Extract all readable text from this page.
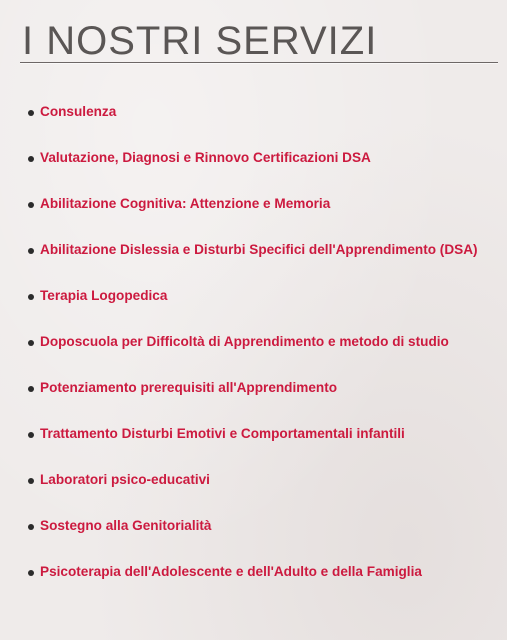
I NOSTRI SERVIZI
Consulenza
Valutazione, Diagnosi e Rinnovo Certificazioni DSA
Abilitazione Cognitiva: Attenzione e Memoria
Abilitazione Dislessia e Disturbi Specifici dell'Apprendimento (DSA)
Terapia Logopedica
Doposcuola per Difficoltà di Apprendimento e metodo di studio
Potenziamento prerequisiti all'Apprendimento
Trattamento Disturbi Emotivi e Comportamentali infantili
Laboratori psico-educativi
Sostegno alla Genitorialità
Psicoterapia dell'Adolescente e dell'Adulto e della Famiglia
